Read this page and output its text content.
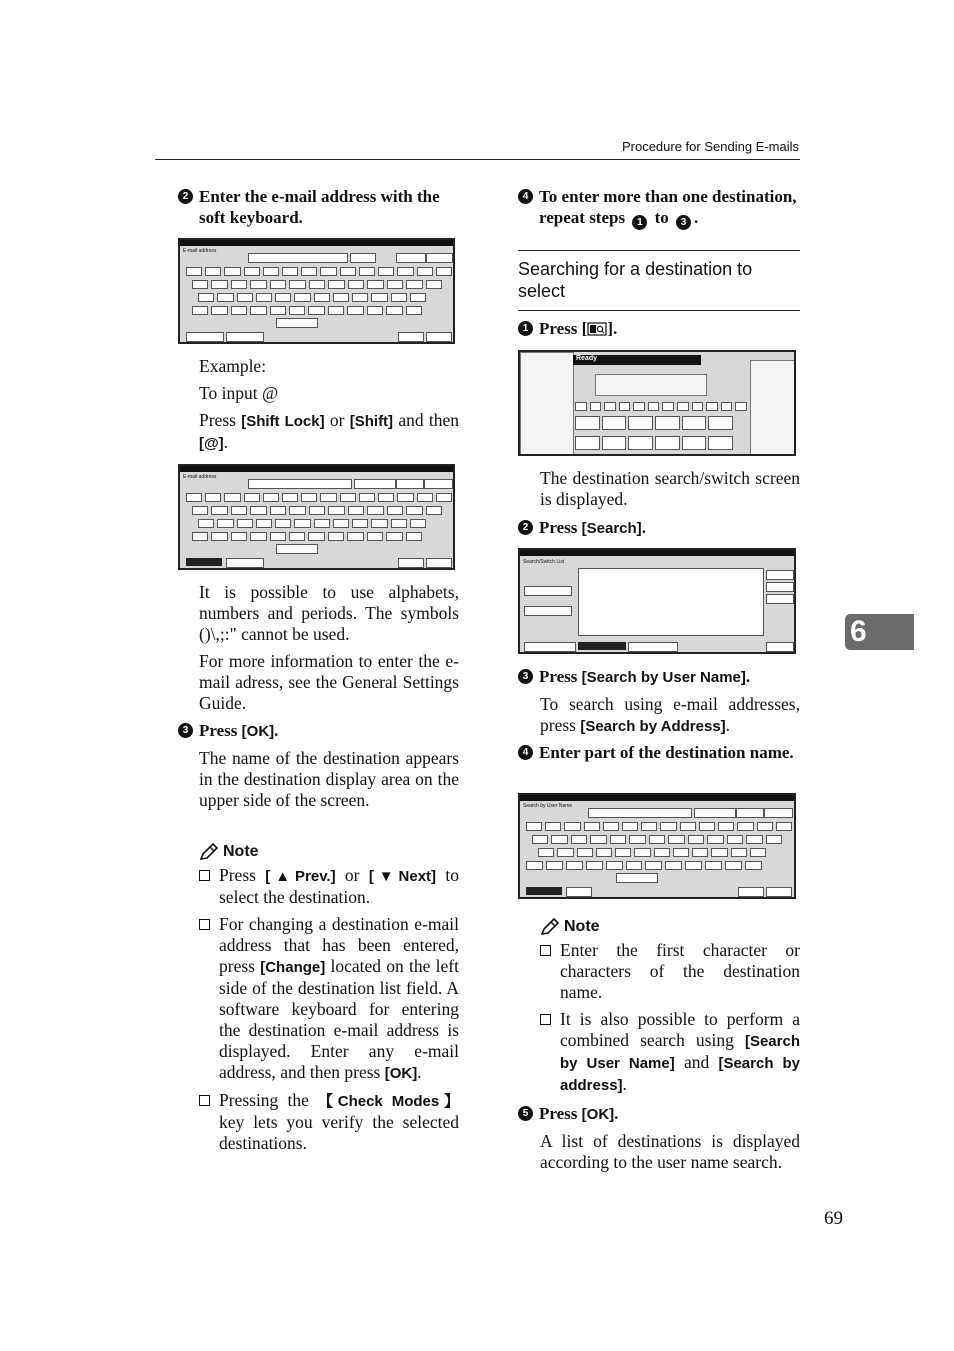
Procedure for Sending E-mails
6
69
2 Enter the e-mail address with the soft keyboard.
E-mail address
Example:
To input @
Press [Shift Lock] or [Shift] and then [@].
E-mail address
It is possible to use alphabets, numbers and periods. The symbols ()\,;:" cannot be used.
For more information to enter the e-mail adress, see the General Settings Guide.
3 Press [OK].
The name of the destination appears in the destination display area on the upper side of the screen.
Note
Press [▲Prev.] or [▼Next] to select the destination.
For changing a destination e-mail address that has been entered, press [Change] located on the left side of the destination list field. A software keyboard for entering the destination e-mail address is displayed. Enter any e-mail address, and then press [OK].
Pressing the 【Check Modes】 key lets you verify the selected destinations.
4 To enter more than one destination, repeat steps 1 to 3 .
Searching for a destination to select
1 Press [ ].
Ready
The destination search/switch screen is displayed.
2 Press [Search].
Search/Switch List
3 Press [Search by User Name].
To search using e-mail addresses, press [Search by Address].
4 Enter part of the destination name.
Search by User Name
Note
Enter the first character or characters of the destination name.
It is also possible to perform a combined search using [Search by User Name] and [Search by address].
5 Press [OK].
A list of destinations is displayed according to the user name search.
